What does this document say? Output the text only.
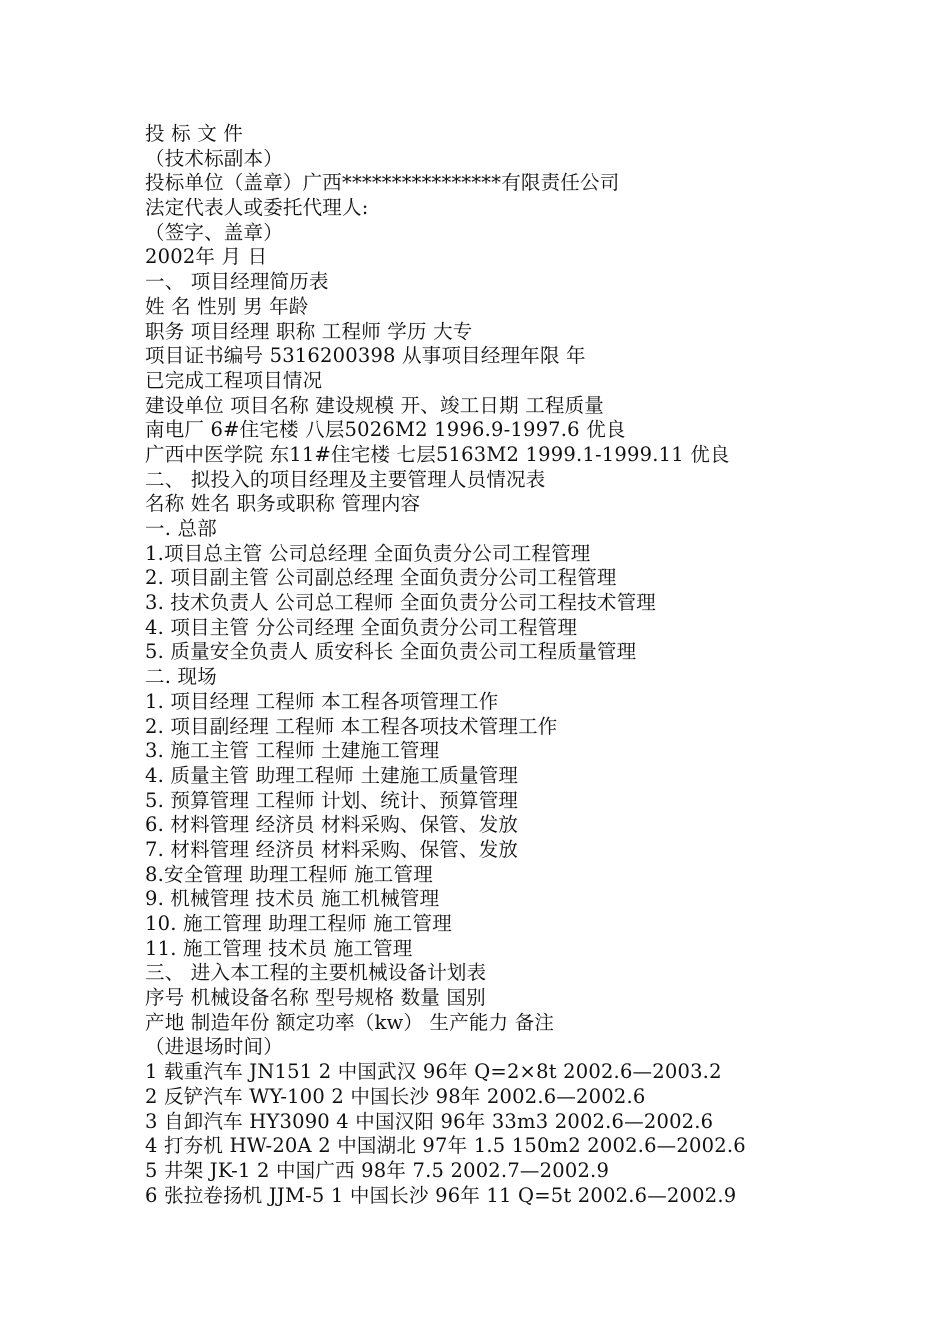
投 标 文 件
（技术标副本）
投标单位（盖章）广西****************有限责任公司
法定代表人或委托代理人:
（签字、盖章）
2002年 月 日
一、 项目经理简历表
姓 名 性别 男 年龄
职务 项目经理 职称 工程师 学历 大专
项目证书编号 5316200398 从事项目经理年限 年
已完成工程项目情况
建设单位 项目名称 建设规模 开、竣工日期 工程质量
南电厂 6#住宅楼 八层5026M2 1996.9-1997.6 优良
广西中医学院 东11#住宅楼 七层5163M2 1999.1-1999.11 优良
二、 拟投入的项目经理及主要管理人员情况表
名称 姓名 职务或职称 管理内容
一. 总部
1.项目总主管 公司总经理 全面负责分公司工程管理
2. 项目副主管 公司副总经理 全面负责分公司工程管理
3. 技术负责人 公司总工程师 全面负责分公司工程技术管理
4. 项目主管 分公司经理 全面负责分公司工程管理
5. 质量安全负责人 质安科长 全面负责公司工程质量管理
二. 现场
1. 项目经理 工程师 本工程各项管理工作
2. 项目副经理 工程师 本工程各项技术管理工作
3. 施工主管 工程师 土建施工管理
4. 质量主管 助理工程师 土建施工质量管理
5. 预算管理 工程师 计划、统计、预算管理
6. 材料管理 经济员 材料采购、保管、发放
7. 材料管理 经济员 材料采购、保管、发放
8.安全管理 助理工程师 施工管理
9. 机械管理 技术员 施工机械管理
10. 施工管理 助理工程师 施工管理
11. 施工管理 技术员 施工管理
三、 进入本工程的主要机械设备计划表
序号 机械设备名称 型号规格 数量 国别
产地 制造年份 额定功率（kw） 生产能力 备注
（进退场时间）
1 载重汽车 JN151 2 中国武汉 96年 Q=2×8t 2002.6—2003.2
2 反铲汽车 WY-100 2 中国长沙 98年 2002.6—2002.6
3 自卸汽车 HY3090 4 中国汉阳 96年 33m3 2002.6—2002.6
4 打夯机 HW-20A 2 中国湖北 97年 1.5 150m2 2002.6—2002.6
5 井架 JK-1 2 中国广西 98年 7.5 2002.7—2002.9
6 张拉卷扬机 JJM-5 1 中国长沙 96年 11 Q=5t 2002.6—2002.9
